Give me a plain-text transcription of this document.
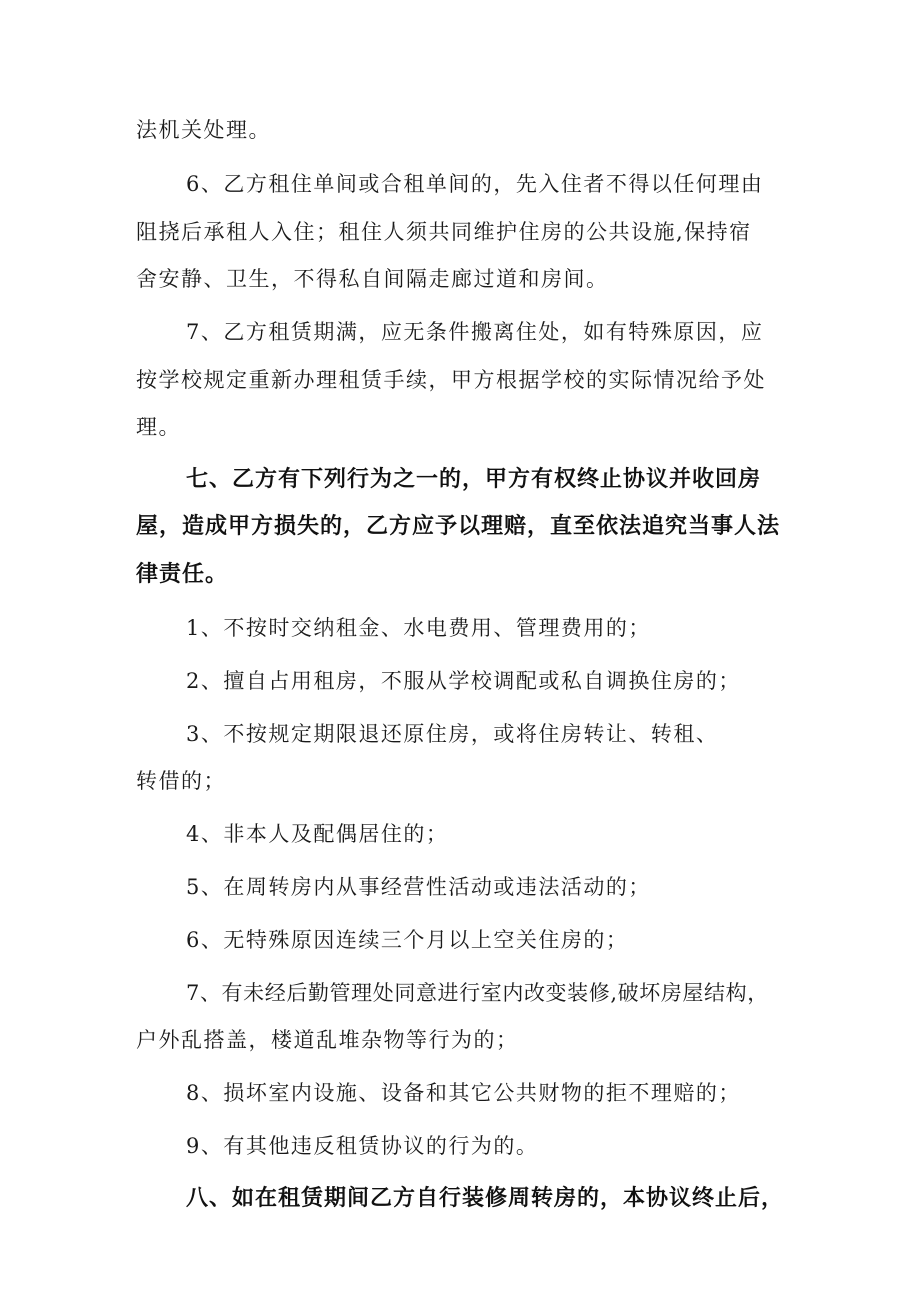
法机关处理。
6、乙方租住单间或合租单间的，先入住者不得以任何理由
阻挠后承租人入住；租住人须共同维护住房的公共设施,保持宿
舍安静、卫生，不得私自间隔走廊过道和房间。
7、乙方租赁期满，应无条件搬离住处，如有特殊原因，应
按学校规定重新办理租赁手续，甲方根据学校的实际情况给予处
理。
七、乙方有下列行为之一的，甲方有权终止协议并收回房
屋，造成甲方损失的，乙方应予以理赔，直至依法追究当事人法
律责任。
1、不按时交纳租金、水电费用、管理费用的；
2、擅自占用租房，不服从学校调配或私自调换住房的；
3、不按规定期限退还原住房，或将住房转让、转租、
转借的；
4、非本人及配偶居住的；
5、在周转房内从事经营性活动或违法活动的；
6、无特殊原因连续三个月以上空关住房的；
7、有未经后勤管理处同意进行室内改变装修,破坏房屋结构，
户外乱搭盖，楼道乱堆杂物等行为的；
8、损坏室内设施、设备和其它公共财物的拒不理赔的；
9、有其他违反租赁协议的行为的。
八、如在租赁期间乙方自行装修周转房的，本协议终止后，
